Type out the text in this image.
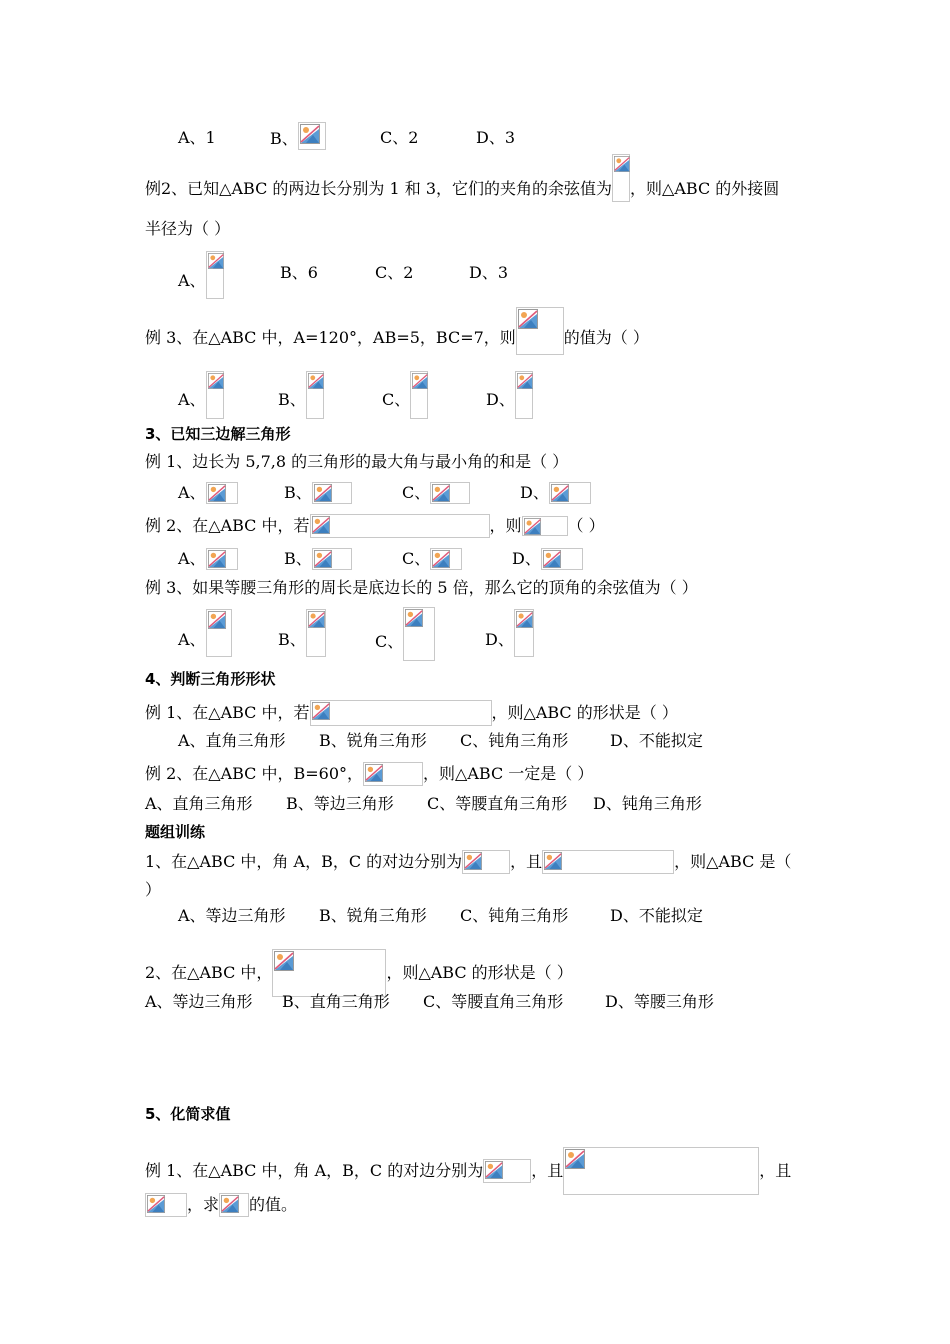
A、1	B、	C、2	D、3
例2、已知△ABC 的两边长分别为 1 和 3，它们的夹角的余弦值为 ，则△ABC 的外接圆
半径为（ ）
A、	B、6	C、2	D、3
例 3、在△ABC 中，A=120°，AB=5，BC=7，则	的值为（ ）
A、	B、	C、	D、
3、已知三边解三角形
例 1、边长为 5,7,8 的三角形的最大角与最小角的和是（ ）
A、	B、	C、	D、
例 2、在△ABC 中，若	，则	（ ）
A、	B、	C、	D、
例 3、如果等腰三角形的周长是底边长的 5 倍，那么它的顶角的余弦值为（ ）
A、	B、	C、	D、
4、判断三角形形状
例 1、在△ABC 中，若	，则△ABC 的形状是（ ）
A、直角三角形 B、锐角三角形 C、钝角三角形	D、不能拟定
例 2、在△ABC 中，B=60°，	，则△ABC 一定是（ ）
A、直角三角形 B、等边三角形 C、等腰直角三角形 D、钝角三角形
题组训练
1、在△ABC 中，角 A，B，C 的对边分别为	，且	，则△ABC 是（
）
A、等边三角形 B、锐角三角形 C、钝角三角形	D、不能拟定
2、在△ABC 中，	，则△ABC 的形状是（ ）
A、等边三角形 B、直角三角形 C、等腰直角三角形	D、等腰三角形
5、化简求值
例 1、在△ABC 中，角 A，B，C 的对边分别为	，且	，且
，求 的值。
